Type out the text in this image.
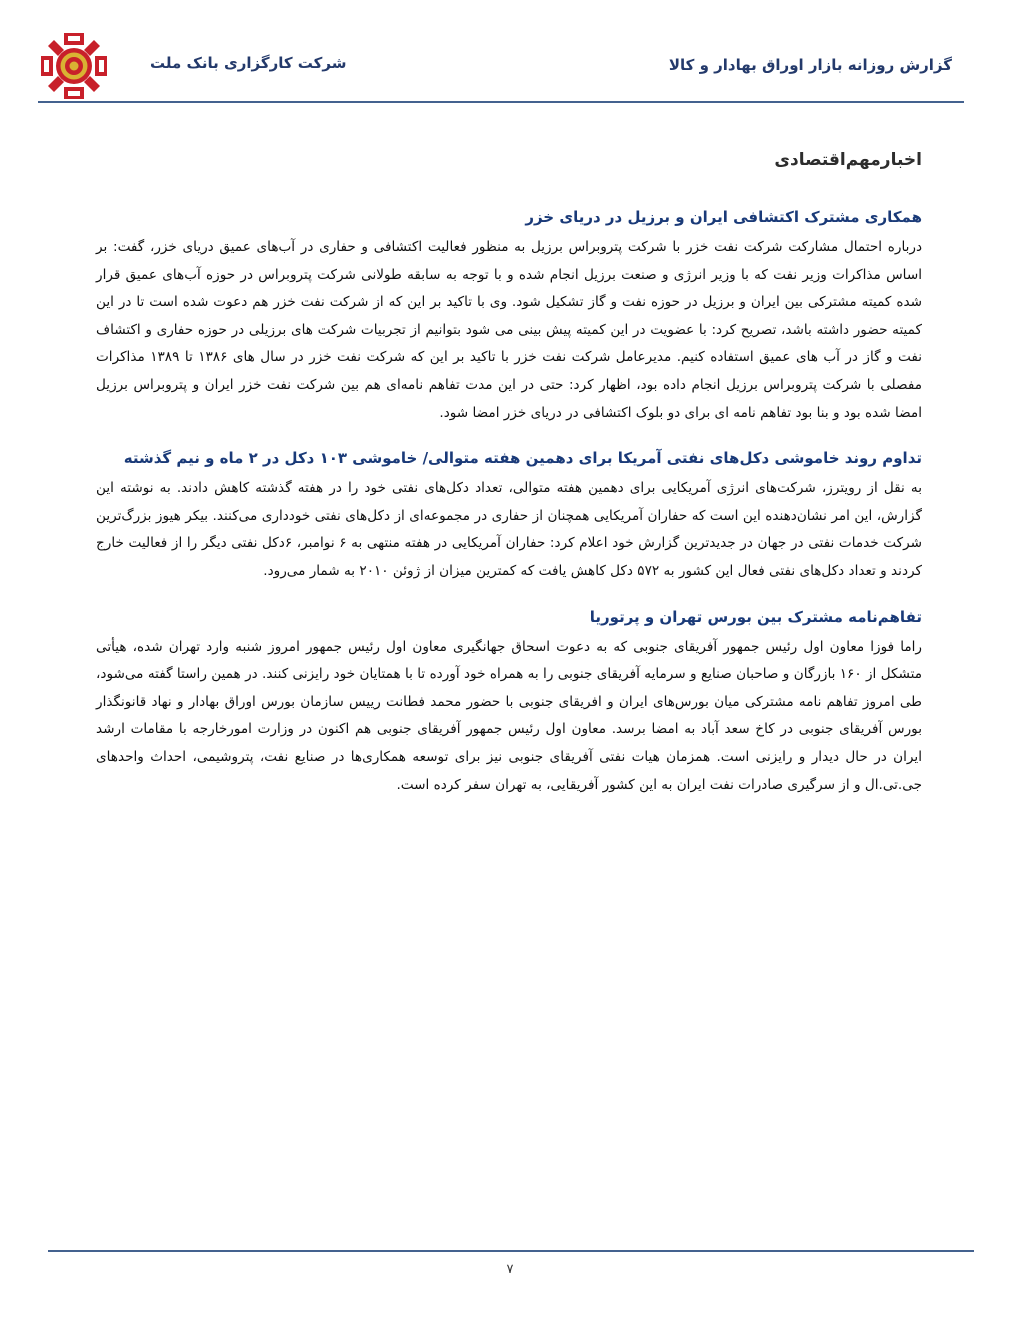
شرکت کارگزاری بانک ملت	گزارش روزانه بازار اوراق بهادار و کالا
اخبارمهم‌اقتصادی
همکاری مشترک اکتشافی ایران و برزیل در دریای خزر
درباره احتمال مشارکت شرکت نفت خزر با شرکت پتروبراس برزیل به منظور فعالیت اکتشافی و حفاری در آب‌های عمیق دریای خزر، گفت: بر اساس مذاکرات وزیر نفت که با وزیر انرژی و صنعت برزیل انجام شده و با توجه به سابقه طولانی شرکت پتروبراس در حوزه آب‌های عمیق قرار شده کمیته مشترکی بین ایران و برزیل در حوزه نفت و گاز تشکیل شود. وی با تاکید بر این که از شرکت نفت خزر هم دعوت شده است تا در این کمیته حضور داشته باشد، تصریح کرد: با عضویت در این کمیته پیش بینی می شود بتوانیم از تجربیات شرکت های برزیلی در حوزه حفاری و اکتشاف نفت و گاز در آب های عمیق استفاده کنیم. مدیرعامل شرکت نفت خزر با تاکید بر این که شرکت نفت خزر در سال های ۱۳۸۶ تا ۱۳۸۹ مذاکرات مفصلی با شرکت پتروبراس برزیل انجام داده بود، اظهار کرد: حتی در این مدت تفاهم نامه‌ای هم بین شرکت نفت خزر ایران و پتروبراس برزیل امضا شده بود و بنا بود تفاهم نامه ای برای دو بلوک اکتشافی در دریای خزر امضا شود.
تداوم روند خاموشی دکل‌های نفتی آمریکا برای دهمین هفته متوالی/ خاموشی ۱۰۳ دکل در ۲ ماه و نیم گذشته
به نقل از رویترز، شرکت‌های انرژی آمریکایی برای دهمین هفته متوالی، تعداد دکل‌های نفتی خود را در هفته گذشته کاهش دادند. به نوشته این گزارش، این امر نشان‌دهنده این است که حفاران آمریکایی همچنان از حفاری در مجموعه‌ای از دکل‌های نفتی خودداری می‌کنند. بیکر هیوز بزرگ‌ترین شرکت خدمات نفتی در جهان در جدیدترین گزارش خود اعلام کرد: حفاران آمریکایی در هفته منتهی به ۶ نوامبر، ۶دکل نفتی دیگر را از فعالیت خارج کردند و تعداد دکل‌های نفتی فعال این کشور به ۵۷۲ دکل کاهش یافت که کمترین میزان از ژوئن ۲۰۱۰ به شمار می‌رود.
تفاهم‌نامه مشترک بین بورس تهران و پرتوریا
راما فوزا معاون اول رئیس جمهور آفریقای جنوبی که به دعوت اسحاق جهانگیری معاون اول رئیس جمهور امروز شنبه وارد تهران شده، هیأتی متشکل از ۱۶۰ بازرگان و صاحبان صنایع و سرمایه آفریقای جنوبی را به همراه خود آورده تا با همتایان خود رایزنی کنند. در همین راستا گفته می‌شود، طی امروز تفاهم نامه مشترکی میان بورس‌های ایران و افریقای جنوبی با حضور محمد فطانت رییس سازمان بورس اوراق بهادار و نهاد قانونگذار بورس آفریقای جنوبی در کاخ سعد آباد به امضا برسد. معاون اول رئیس جمهور آفریقای جنوبی هم اکنون در وزارت امورخارجه با مقامات ارشد ایران در حال دیدار و رایزنی است. همزمان هیات نفتی آفریقای جنوبی نیز برای توسعه همکاری‌ها در صنایع نفت، پتروشیمی، احداث واحدهای جی.تی.ال و از سرگیری صادرات نفت ایران به این کشور آفریقایی، به تهران سفر کرده است.
۷
